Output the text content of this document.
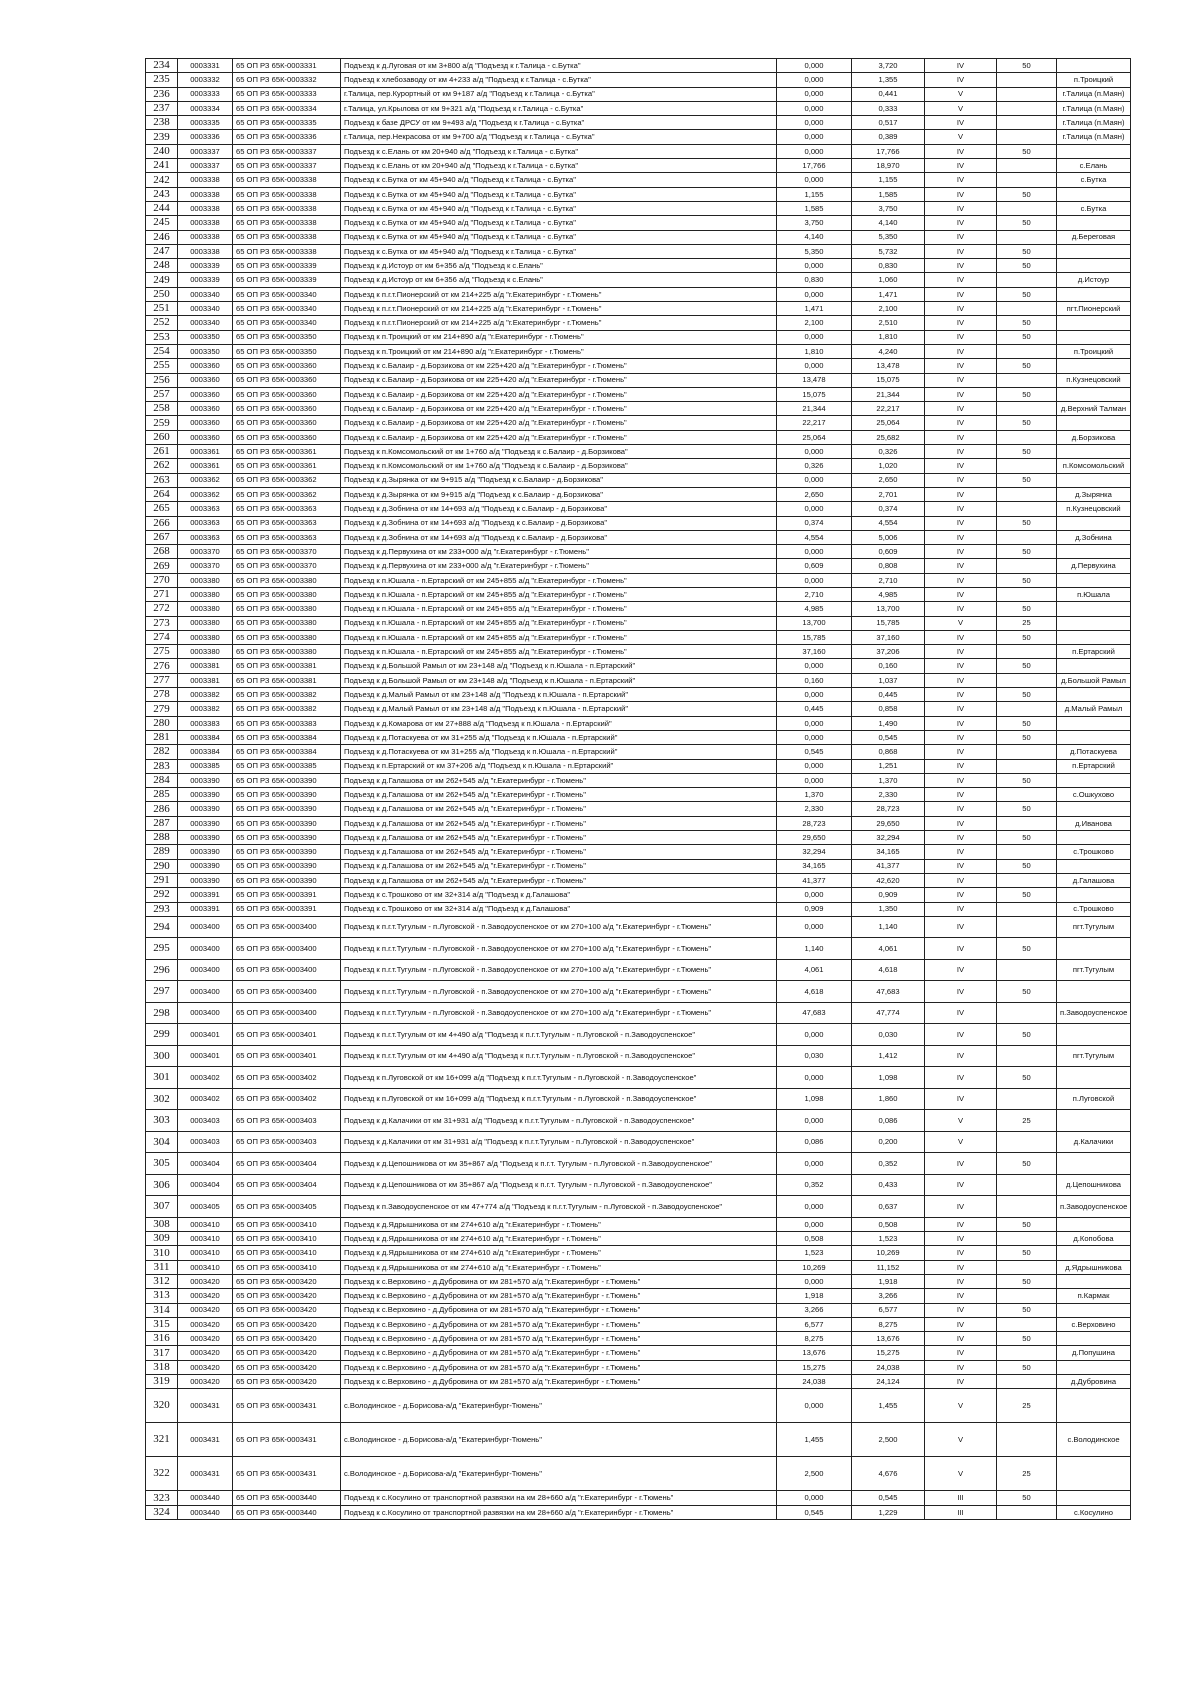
234	0003331	65 ОП РЗ 65К-0003331	Подъезд к д.Луговая от км 3+800 а/д "Подъезд к г.Талица - с.Бутка"	0,000	3,720	IV	50	
235	0003332	65 ОП РЗ 65К-0003332	Подъезд к хлебозаводу от км 4+233 а/д "Подъезд к г.Талица - с.Бутка"	0,000	1,355	IV		п.Троицкий
236	0003333	65 ОП РЗ 65К-0003333	г.Талица, пер.Курортный от км 9+187 а/д "Подъезд к г.Талица - с.Бутка"	0,000	0,441	V		г.Талица (п.Маян)
237	0003334	65 ОП РЗ 65К-0003334	г.Талица, ул.Крылова от км 9+321 а/д "Подъезд к г.Талица - с.Бутка"	0,000	0,333	V		г.Талица (п.Маян)
238	0003335	65 ОП РЗ 65К-0003335	Подъезд к базе ДРСУ от км 9+493 а/д "Подъезд к г.Талица - с.Бутка"	0,000	0,517	IV		г.Талица (п.Маян)
239	0003336	65 ОП РЗ 65К-0003336	г.Талица, пер.Некрасова от км 9+700 а/д "Подъезд к г.Талица - с.Бутка"	0,000	0,389	V		г.Талица (п.Маян)
240	0003337	65 ОП РЗ 65К-0003337	Подъезд к с.Елань от км 20+940 а/д "Подъезд к г.Талица - с.Бутка"	0,000	17,766	IV	50	
241	0003337	65 ОП РЗ 65К-0003337	Подъезд к с.Елань от км 20+940 а/д "Подъезд к г.Талица - с.Бутка"	17,766	18,970	IV		с.Елань
242	0003338	65 ОП РЗ 65К-0003338	Подъезд к с.Бутка от км 45+940 а/д "Подъезд к г.Талица - с.Бутка"	0,000	1,155	IV		с.Бутка
243	0003338	65 ОП РЗ 65К-0003338	Подъезд к с.Бутка от км 45+940 а/д "Подъезд к г.Талица - с.Бутка"	1,155	1,585	IV	50	
244	0003338	65 ОП РЗ 65К-0003338	Подъезд к с.Бутка от км 45+940 а/д "Подъезд к г.Талица - с.Бутка"	1,585	3,750	IV		с.Бутка
245	0003338	65 ОП РЗ 65К-0003338	Подъезд к с.Бутка от км 45+940 а/д "Подъезд к г.Талица - с.Бутка"	3,750	4,140	IV	50	
246	0003338	65 ОП РЗ 65К-0003338	Подъезд к с.Бутка от км 45+940 а/д "Подъезд к г.Талица - с.Бутка"	4,140	5,350	IV		д.Береговая
247	0003338	65 ОП РЗ 65К-0003338	Подъезд к с.Бутка от км 45+940 а/д "Подъезд к г.Талица - с.Бутка"	5,350	5,732	IV	50	
248	0003339	65 ОП РЗ 65К-0003339	Подъезд к д.Истоур от км 6+356 а/д "Подъезд к с.Елань"	0,000	0,830	IV	50	
249	0003339	65 ОП РЗ 65К-0003339	Подъезд к д.Истоур от км 6+356 а/д "Подъезд к с.Елань"	0,830	1,060	IV		д.Истоур
250	0003340	65 ОП РЗ 65К-0003340	Подъезд к п.г.т.Пионерский от км 214+225 а/д "г.Екатеринбург - г.Тюмень"	0,000	1,471	IV	50	
251	0003340	65 ОП РЗ 65К-0003340	Подъезд к п.г.т.Пионерский от км 214+225 а/д "г.Екатеринбург - г.Тюмень"	1,471	2,100	IV		пгт.Пионерский
252	0003340	65 ОП РЗ 65К-0003340	Подъезд к п.г.т.Пионерский от км 214+225 а/д "г.Екатеринбург - г.Тюмень"	2,100	2,510	IV	50	
253	0003350	65 ОП РЗ 65К-0003350	Подъезд к п.Троицкий от км 214+890 а/д "г.Екатеринбург - г.Тюмень"	0,000	1,810	IV	50	
254	0003350	65 ОП РЗ 65К-0003350	Подъезд к п.Троицкий от км 214+890 а/д "г.Екатеринбург - г.Тюмень"	1,810	4,240	IV		п.Троицкий
255	0003360	65 ОП РЗ 65К-0003360	Подъезд к с.Балаир - д.Борзикова от км 225+420 а/д "г.Екатеринбург - г.Тюмень"	0,000	13,478	IV	50	
256	0003360	65 ОП РЗ 65К-0003360	Подъезд к с.Балаир - д.Борзикова от км 225+420 а/д "г.Екатеринбург - г.Тюмень"	13,478	15,075	IV		п.Кузнецовский
257	0003360	65 ОП РЗ 65К-0003360	Подъезд к с.Балаир - д.Борзикова от км 225+420 а/д "г.Екатеринбург - г.Тюмень"	15,075	21,344	IV	50	
258	0003360	65 ОП РЗ 65К-0003360	Подъезд к с.Балаир - д.Борзикова от км 225+420 а/д "г.Екатеринбург - г.Тюмень"	21,344	22,217	IV		д.Верхний Талман
259	0003360	65 ОП РЗ 65К-0003360	Подъезд к с.Балаир - д.Борзикова от км 225+420 а/д "г.Екатеринбург - г.Тюмень"	22,217	25,064	IV	50	
260	0003360	65 ОП РЗ 65К-0003360	Подъезд к с.Балаир - д.Борзикова от км 225+420 а/д "г.Екатеринбург - г.Тюмень"	25,064	25,682	IV		д.Борзикова
261	0003361	65 ОП РЗ 65К-0003361	Подъезд к п.Комсомольский от км 1+760 а/д "Подъезд к с.Балаир - д.Борзикова"	0,000	0,326	IV	50	
262	0003361	65 ОП РЗ 65К-0003361	Подъезд к п.Комсомольский от км 1+760 а/д "Подъезд к с.Балаир - д.Борзикова"	0,326	1,020	IV		п.Комсомольский
263	0003362	65 ОП РЗ 65К-0003362	Подъезд к д.Зырянка от км 9+915 а/д "Подъезд к с.Балаир - д.Борзикова"	0,000	2,650	IV	50	
264	0003362	65 ОП РЗ 65К-0003362	Подъезд к д.Зырянка от км 9+915 а/д "Подъезд к с.Балаир - д.Борзикова"	2,650	2,701	IV		д.Зырянка
265	0003363	65 ОП РЗ 65К-0003363	Подъезд к д.Зобнина от км 14+693 а/д "Подъезд к с.Балаир - д.Борзикова"	0,000	0,374	IV		п.Кузнецовский
266	0003363	65 ОП РЗ 65К-0003363	Подъезд к д.Зобнина от км 14+693 а/д "Подъезд к с.Балаир - д.Борзикова"	0,374	4,554	IV	50	
267	0003363	65 ОП РЗ 65К-0003363	Подъезд к д.Зобнина от км 14+693 а/д "Подъезд к с.Балаир - д.Борзикова"	4,554	5,006	IV		д.Зобнина
268	0003370	65 ОП РЗ 65К-0003370	Подъезд к д.Первухина от км 233+000 а/д "г.Екатеринбург - г.Тюмень"	0,000	0,609	IV	50	
269	0003370	65 ОП РЗ 65К-0003370	Подъезд к д.Первухина от км 233+000 а/д "г.Екатеринбург - г.Тюмень"	0,609	0,808	IV		д.Первухина
270	0003380	65 ОП РЗ 65К-0003380	Подъезд к п.Юшала - п.Ертарский от км 245+855 а/д "г.Екатеринбург - г.Тюмень"	0,000	2,710	IV	50	
271	0003380	65 ОП РЗ 65К-0003380	Подъезд к п.Юшала - п.Ертарский от км 245+855 а/д "г.Екатеринбург - г.Тюмень"	2,710	4,985	IV		п.Юшала
272	0003380	65 ОП РЗ 65К-0003380	Подъезд к п.Юшала - п.Ертарский от км 245+855 а/д "г.Екатеринбург - г.Тюмень"	4,985	13,700	IV	50	
273	0003380	65 ОП РЗ 65К-0003380	Подъезд к п.Юшала - п.Ертарский от км 245+855 а/д "г.Екатеринбург - г.Тюмень"	13,700	15,785	V	25	
274	0003380	65 ОП РЗ 65К-0003380	Подъезд к п.Юшала - п.Ертарский от км 245+855 а/д "г.Екатеринбург - г.Тюмень"	15,785	37,160	IV	50	
275	0003380	65 ОП РЗ 65К-0003380	Подъезд к п.Юшала - п.Ертарский от км 245+855 а/д "г.Екатеринбург - г.Тюмень"	37,160	37,206	IV		п.Ертарский
276	0003381	65 ОП РЗ 65К-0003381	Подъезд к д.Большой Рамыл от км 23+148 а/д "Подъезд к п.Юшала - п.Ертарский"	0,000	0,160	IV	50	
277	0003381	65 ОП РЗ 65К-0003381	Подъезд к д.Большой Рамыл от км 23+148 а/д "Подъезд к п.Юшала - п.Ертарский"	0,160	1,037	IV		д.Большой Рамыл
278	0003382	65 ОП РЗ 65К-0003382	Подъезд к д.Малый Рамыл от км 23+148 а/д "Подъезд к п.Юшала - п.Ертарский"	0,000	0,445	IV	50	
279	0003382	65 ОП РЗ 65К-0003382	Подъезд к д.Малый Рамыл от км 23+148 а/д "Подъезд к п.Юшала - п.Ертарский"	0,445	0,858	IV		д.Малый Рамыл
280	0003383	65 ОП РЗ 65К-0003383	Подъезд к д.Комарова от км 27+888 а/д "Подъезд к п.Юшала - п.Ертарский"	0,000	1,490	IV	50	
281	0003384	65 ОП РЗ 65К-0003384	Подъезд к д.Потаскуева от км 31+255 а/д "Подъезд к п.Юшала - п.Ертарский"	0,000	0,545	IV	50	
282	0003384	65 ОП РЗ 65К-0003384	Подъезд к д.Потаскуева от км 31+255 а/д "Подъезд к п.Юшала - п.Ертарский"	0,545	0,868	IV		д.Потаскуева
283	0003385	65 ОП РЗ 65К-0003385	Подъезд к п.Ертарский от км 37+206 а/д "Подъезд к п.Юшала - п.Ертарский"	0,000	1,251	IV		п.Ертарский
284	0003390	65 ОП РЗ 65К-0003390	Подъезд к д.Галашова от км 262+545 а/д "г.Екатеринбург - г.Тюмень"	0,000	1,370	IV	50	
285	0003390	65 ОП РЗ 65К-0003390	Подъезд к д.Галашова от км 262+545 а/д "г.Екатеринбург - г.Тюмень"	1,370	2,330	IV		с.Ошкухово
286	0003390	65 ОП РЗ 65К-0003390	Подъезд к д.Галашова от км 262+545 а/д "г.Екатеринбург - г.Тюмень"	2,330	28,723	IV	50	
287	0003390	65 ОП РЗ 65К-0003390	Подъезд к д.Галашова от км 262+545 а/д "г.Екатеринбург - г.Тюмень"	28,723	29,650	IV		д.Иванова
288	0003390	65 ОП РЗ 65К-0003390	Подъезд к д.Галашова от км 262+545 а/д "г.Екатеринбург - г.Тюмень"	29,650	32,294	IV	50	
289	0003390	65 ОП РЗ 65К-0003390	Подъезд к д.Галашова от км 262+545 а/д "г.Екатеринбург - г.Тюмень"	32,294	34,165	IV		с.Трошково
290	0003390	65 ОП РЗ 65К-0003390	Подъезд к д.Галашова от км 262+545 а/д "г.Екатеринбург - г.Тюмень"	34,165	41,377	IV	50	
291	0003390	65 ОП РЗ 65К-0003390	Подъезд к д.Галашова от км 262+545 а/д "г.Екатеринбург - г.Тюмень"	41,377	42,620	IV		д.Галашова
292	0003391	65 ОП РЗ 65К-0003391	Подъезд к с.Трошково от км 32+314 а/д "Подъезд к д.Галашова"	0,000	0,909	IV	50	
293	0003391	65 ОП РЗ 65К-0003391	Подъезд к с.Трошково от км 32+314 а/д "Подъезд к д.Галашова"	0,909	1,350	IV		с.Трошково
294	0003400	65 ОП РЗ 65К-0003400	Подъезд к п.г.т.Тугулым - п.Луговской - п.Заводоуспенское от км 270+100 а/д "г.Екатеринбург - г.Тюмень"	0,000	1,140	IV		пгт.Тугулым
295	0003400	65 ОП РЗ 65К-0003400	Подъезд к п.г.т.Тугулым - п.Луговской - п.Заводоуспенское от км 270+100 а/д "г.Екатеринбург - г.Тюмень"	1,140	4,061	IV	50	
296	0003400	65 ОП РЗ 65К-0003400	Подъезд к п.г.т.Тугулым - п.Луговской - п.Заводоуспенское от км 270+100 а/д "г.Екатеринбург - г.Тюмень"	4,061	4,618	IV		пгт.Тугулым
297	0003400	65 ОП РЗ 65К-0003400	Подъезд к п.г.т.Тугулым - п.Луговской - п.Заводоуспенское от км 270+100 а/д "г.Екатеринбург - г.Тюмень"	4,618	47,683	IV	50	
298	0003400	65 ОП РЗ 65К-0003400	Подъезд к п.г.т.Тугулым - п.Луговской - п.Заводоуспенское от км 270+100 а/д "г.Екатеринбург - г.Тюмень"	47,683	47,774	IV		п.Заводоуспенское
299	0003401	65 ОП РЗ 65К-0003401	Подъезд к п.г.т.Тугулым от км 4+490 а/д "Подъезд к п.г.т.Тугулым - п.Луговской - п.Заводоуспенское"	0,000	0,030	IV	50	
300	0003401	65 ОП РЗ 65К-0003401	Подъезд к п.г.т.Тугулым от км 4+490 а/д "Подъезд к п.г.т.Тугулым - п.Луговской - п.Заводоуспенское"	0,030	1,412	IV		пгт.Тугулым
301	0003402	65 ОП РЗ 65К-0003402	Подъезд к п.Луговской от км 16+099 а/д "Подъезд к п.г.т.Тугулым - п.Луговской - п.Заводоуспенское"	0,000	1,098	IV	50	
302	0003402	65 ОП РЗ 65К-0003402	Подъезд к п.Луговской от км 16+099 а/д "Подъезд к п.г.т.Тугулым - п.Луговской - п.Заводоуспенское"	1,098	1,860	IV		п.Луговской
303	0003403	65 ОП РЗ 65К-0003403	Подъезд к д.Калачики от км 31+931 а/д "Подъезд к п.г.т.Тугулым - п.Луговской - п.Заводоуспенское"	0,000	0,086	V	25	
304	0003403	65 ОП РЗ 65К-0003403	Подъезд к д.Калачики от км 31+931 а/д "Подъезд к п.г.т.Тугулым - п.Луговской - п.Заводоуспенское"	0,086	0,200	V		д.Калачики
305	0003404	65 ОП РЗ 65К-0003404	Подъезд к д.Цепошникова от км 35+867 а/д "Подъезд к п.г.т. Тугулым - п.Луговской - п.Заводоуспенское"	0,000	0,352	IV	50	
306	0003404	65 ОП РЗ 65К-0003404	Подъезд к д.Цепошникова от км 35+867 а/д "Подъезд к п.г.т. Тугулым - п.Луговской - п.Заводоуспенское"	0,352	0,433	IV		д.Цепошникова
307	0003405	65 ОП РЗ 65К-0003405	Подъезд к п.Заводоуспенское от км 47+774 а/д "Подъезд к п.г.т.Тугулым - п.Луговской - п.Заводоуспенское"	0,000	0,637	IV		п.Заводоуспенское
308	0003410	65 ОП РЗ 65К-0003410	Подъезд к д.Ядрышникова от км 274+610 а/д "г.Екатеринбург - г.Тюмень"	0,000	0,508	IV	50	
309	0003410	65 ОП РЗ 65К-0003410	Подъезд к д.Ядрышникова от км 274+610 а/д "г.Екатеринбург - г.Тюмень"	0,508	1,523	IV		д.Копобова
310	0003410	65 ОП РЗ 65К-0003410	Подъезд к д.Ядрышникова от км 274+610 а/д "г.Екатеринбург - г.Тюмень"	1,523	10,269	IV	50	
311	0003410	65 ОП РЗ 65К-0003410	Подъезд к д.Ядрышникова от км 274+610 а/д "г.Екатеринбург - г.Тюмень"	10,269	11,152	IV		д.Ядрышникова
312	0003420	65 ОП РЗ 65К-0003420	Подъезд к с.Верховино - д.Дубровина от км 281+570 а/д "г.Екатеринбург - г.Тюмень"	0,000	1,918	IV	50	
313	0003420	65 ОП РЗ 65К-0003420	Подъезд к с.Верховино - д.Дубровина от км 281+570 а/д "г.Екатеринбург - г.Тюмень"	1,918	3,266	IV		п.Кармак
314	0003420	65 ОП РЗ 65К-0003420	Подъезд к с.Верховино - д.Дубровина от км 281+570 а/д "г.Екатеринбург - г.Тюмень"	3,266	6,577	IV	50	
315	0003420	65 ОП РЗ 65К-0003420	Подъезд к с.Верховино - д.Дубровина от км 281+570 а/д "г.Екатеринбург - г.Тюмень"	6,577	8,275	IV		с.Верховино
316	0003420	65 ОП РЗ 65К-0003420	Подъезд к с.Верховино - д.Дубровина от км 281+570 а/д "г.Екатеринбург - г.Тюмень"	8,275	13,676	IV	50	
317	0003420	65 ОП РЗ 65К-0003420	Подъезд к с.Верховино - д.Дубровина от км 281+570 а/д "г.Екатеринбург - г.Тюмень"	13,676	15,275	IV		д.Попушина
318	0003420	65 ОП РЗ 65К-0003420	Подъезд к с.Верховино - д.Дубровина от км 281+570 а/д "г.Екатеринбург - г.Тюмень"	15,275	24,038	IV	50	
319	0003420	65 ОП РЗ 65К-0003420	Подъезд к с.Верховино - д.Дубровина от км 281+570 а/д "г.Екатеринбург - г.Тюмень"	24,038	24,124	IV		д.Дубровина
320	0003431	65 ОП РЗ 65К-0003431	с.Володинское - д.Борисова-а/д "Екатеринбург-Тюмень"	0,000	1,455	V	25	
321	0003431	65 ОП РЗ 65К-0003431	с.Володинское - д.Борисова-а/д "Екатеринбург-Тюмень"	1,455	2,500	V		с.Володинское
322	0003431	65 ОП РЗ 65К-0003431	с.Володинское - д.Борисова-а/д "Екатеринбург-Тюмень"	2,500	4,676	V	25	
323	0003440	65 ОП РЗ 65К-0003440	Подъезд к с.Косулино от транспортной развязки на км 28+660 а/д "г.Екатеринбург - г.Тюмень"	0,000	0,545	III	50	
324	0003440	65 ОП РЗ 65К-0003440	Подъезд к с.Косулино от транспортной развязки на км 28+660 а/д "г.Екатеринбург - г.Тюмень"	0,545	1,229	III		с.Косулино
